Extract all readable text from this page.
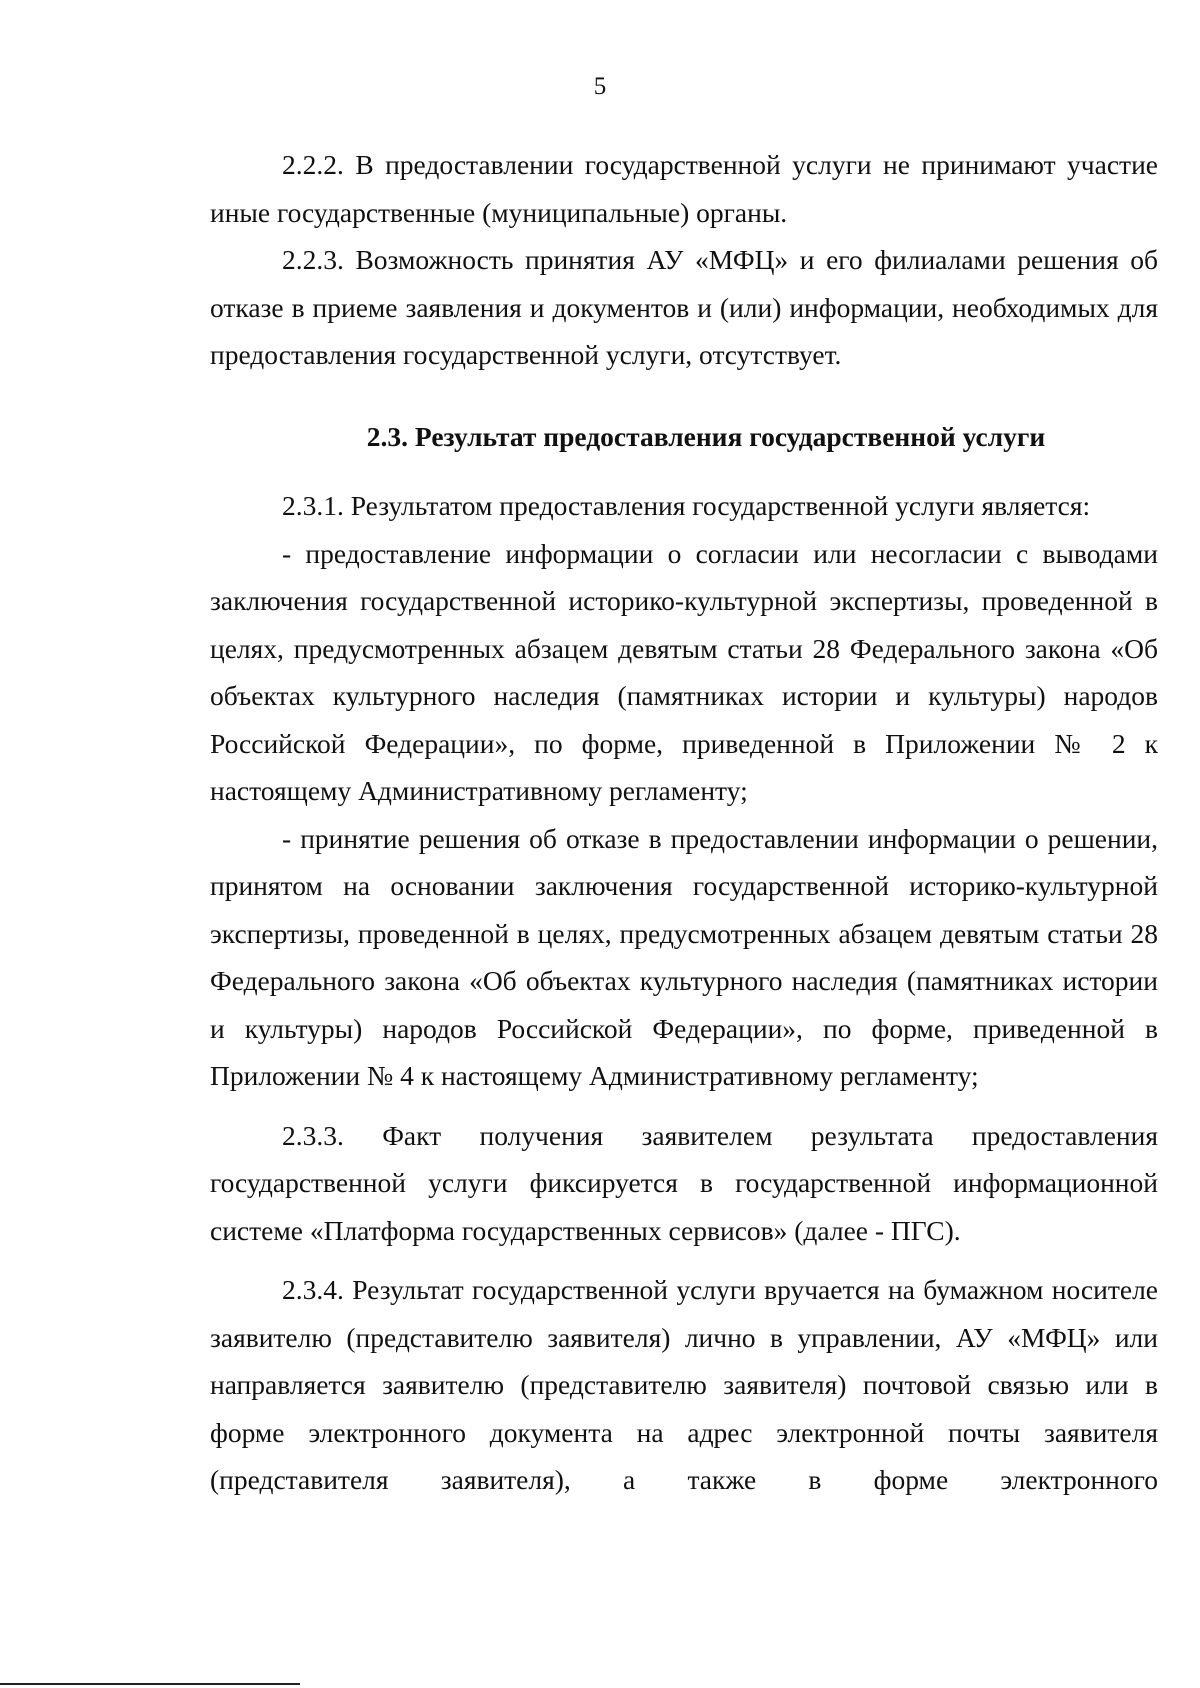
5

2.2.2. В предоставлении государственной услуги не принимают участие иные государственные (муниципальные) органы.

2.2.3. Возможность принятия АУ «МФЦ» и его филиалами решения об отказе в приеме заявления и документов и (или) информации, необходимых для предоставления государственной услуги, отсутствует.

2.3. Результат предоставления государственной услуги

2.3.1. Результатом предоставления государственной услуги является:

- предоставление информации о согласии или несогласии с выводами заключения государственной историко-культурной экспертизы, проведенной в целях, предусмотренных абзацем девятым статьи 28 Федерального закона «Об объектах культурного наследия (памятниках истории и культуры) народов Российской Федерации», по форме, приведенной в Приложении № 2 к настоящему Административному регламенту;

- принятие решения об отказе в предоставлении информации о решении, принятом на основании заключения государственной историко-культурной экспертизы, проведенной в целях, предусмотренных абзацем девятым статьи 28 Федерального закона «Об объектах культурного наследия (памятниках истории и культуры) народов Российской Федерации», по форме, приведенной в Приложении № 4 к настоящему Административному регламенту;

2.3.3. Факт получения заявителем результата предоставления государственной услуги фиксируется в государственной информационной системе «Платформа государственных сервисов» (далее - ПГС).

2.3.4. Результат государственной услуги вручается на бумажном носителе заявителю (представителю заявителя) лично в управлении, АУ «МФЦ» или направляется заявителю (представителю заявителя) почтовой связью или в форме электронного документа на адрес электронной почты заявителя (представителя заявителя), а также в форме электронного
